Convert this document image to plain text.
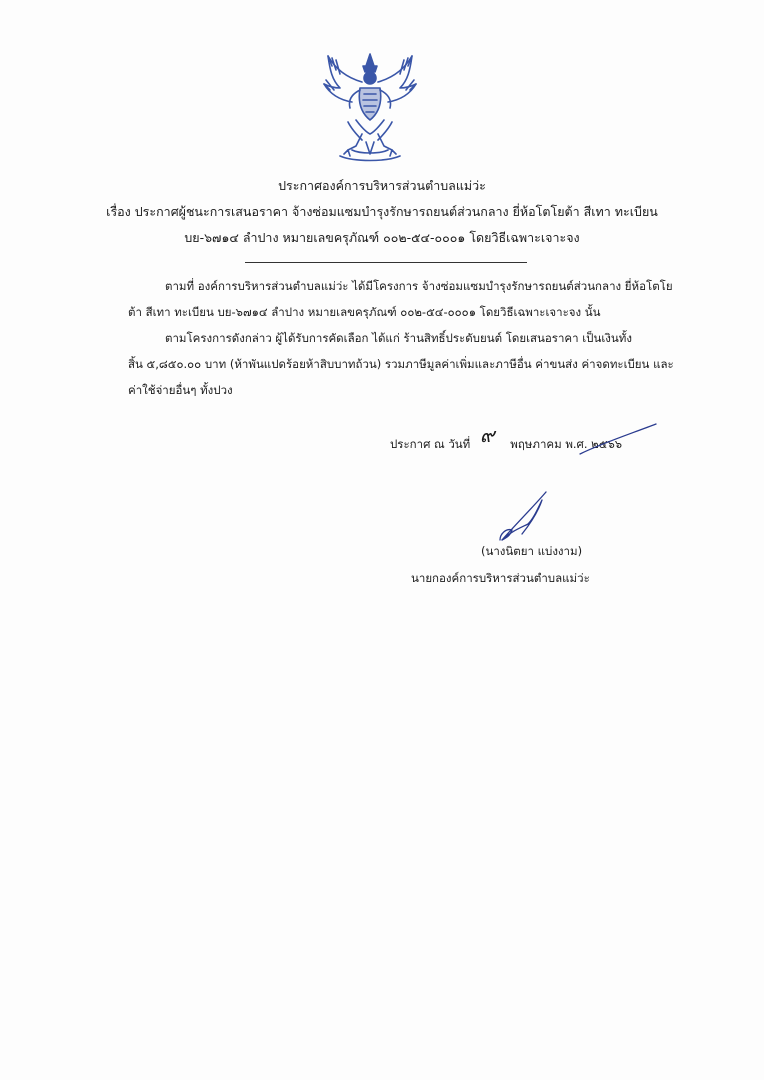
ประกาศองค์การบริหารส่วนตำบลแม่ว่ะ
เรื่อง ประกาศผู้ชนะการเสนอราคา จ้างซ่อมแซมบำรุงรักษารถยนต์ส่วนกลาง ยี่ห้อโตโยต้า สีเทา ทะเบียน
บย-๖๗๑๔ ลำปาง หมายเลขครุภัณฑ์ ๐๐๒-๕๔-๐๐๐๑ โดยวิธีเฉพาะเจาะจง
ตามที่ องค์การบริหารส่วนตำบลแม่ว่ะ ได้มีโครงการ จ้างซ่อมแซมบำรุงรักษารถยนต์ส่วนกลาง ยี่ห้อโตโย
ต้า สีเทา ทะเบียน บย-๖๗๑๔ ลำปาง หมายเลขครุภัณฑ์ ๐๐๒-๕๔-๐๐๐๑ โดยวิธีเฉพาะเจาะจง นั้น
ตามโครงการดังกล่าว ผู้ได้รับการคัดเลือก ได้แก่ ร้านสิทธิ์ประดับยนต์ โดยเสนอราคา เป็นเงินทั้ง
สิ้น ๕,๘๕๐.๐๐ บาท (ห้าพันแปดร้อยห้าสิบบาทถ้วน) รวมภาษีมูลค่าเพิ่มและภาษีอื่น ค่าขนส่ง ค่าจดทะเบียน และ
ค่าใช้จ่ายอื่นๆ ทั้งปวง
ประกาศ ณ วันที่ ๙ พฤษภาคม พ.ศ. ๒๕๖๖
(นางนิตยา แบ่งงาม)
นายกองค์การบริหารส่วนตำบลแม่ว่ะ
